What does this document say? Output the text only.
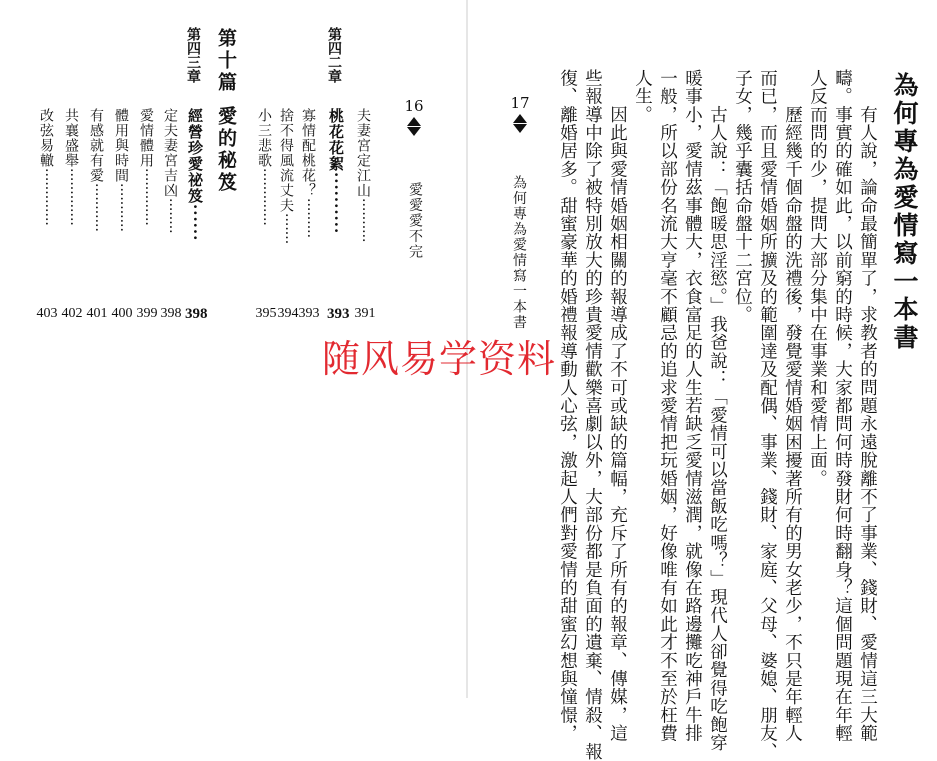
為何專為愛情寫一本書
17
為何專為愛情寫一本書	　　有人說，論命最簡單了，求教者的問題永遠脫離不了事業、錢財、愛情這三大範
疇。事實的確如此，以前窮的時候，大家都問何時發財何時翻身？這個問題現在年輕
人反而問的少，提問大部分集中在事業和愛情上面。
　　歷經幾千個命盤的洗禮後，發覺愛情婚姻困擾著所有的男女老少，不只是年輕人
而已，而且愛情婚姻所擴及的範圍達及配偶、事業、錢財、家庭、父母、婆媳、朋友、
子女，幾乎囊括命盤十二宮位。
　　古人說：「飽暖思淫慾。」我爸說：「愛情可以當飯吃嗎？」現代人卻覺得吃飽穿
暖事小，愛情茲事體大，衣食富足的人生若缺乏愛情滋潤，就像在路邊攤吃神戶牛排
一般，所以部份名流大亨毫不顧忌的追求愛情把玩婚姻，好像唯有如此才不至於枉費
人生。
　　因此與愛情婚姻相關的報導成了不可或缺的篇幅，充斥了所有的報章、傳媒，這
些報導中除了被特別放大的珍貴愛情歡樂喜劇以外，大部份都是負面的遺棄、情殺、報
復、離婚居多。甜蜜豪華的婚禮報導動人心弦，激起人們對愛情的甜蜜幻想與憧憬，
16
愛愛愛不完
夫妻宮定江山··········
391
第四二章
桃花花絮··········
393
寡情配桃花？·········
393
捨不得風流丈夫·······
394
小三悲歌·············
395
第十篇
愛的秘笈
第四三章
經營珍愛祕笈······
398
定夫妻宮吉凶········
398
愛情體用·············
399
體用與時間···········
400
有感就有愛···········
401
共襄盛舉·············
402
改弦易轍·············
403
随风易学资料
